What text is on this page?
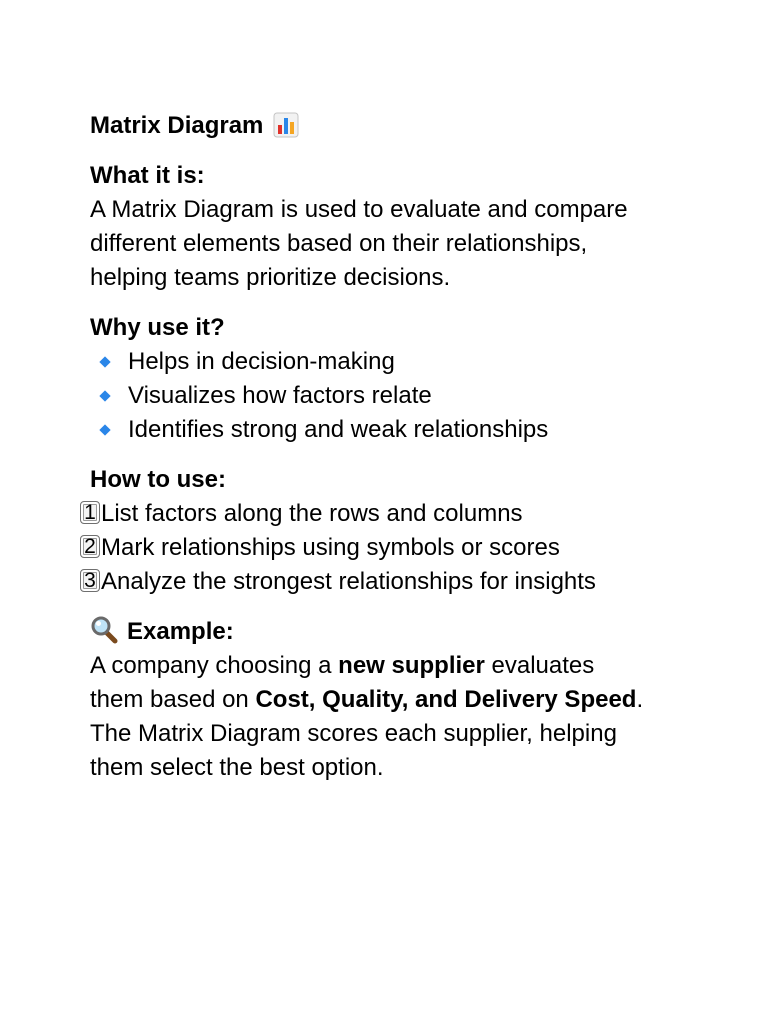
Matrix Diagram
What it is:
A Matrix Diagram is used to evaluate and compare
different elements based on their relationships,
helping teams prioritize decisions.
Why use it?
Helps in decision-making
Visualizes how factors relate
Identifies strong and weak relationships
How to use:
1 List factors along the rows and columns
2 Mark relationships using symbols or scores
3 Analyze the strongest relationships for insights
Example:
A company choosing a new supplier evaluates
them based on Cost, Quality, and Delivery Speed.
The Matrix Diagram scores each supplier, helping
them select the best option.
